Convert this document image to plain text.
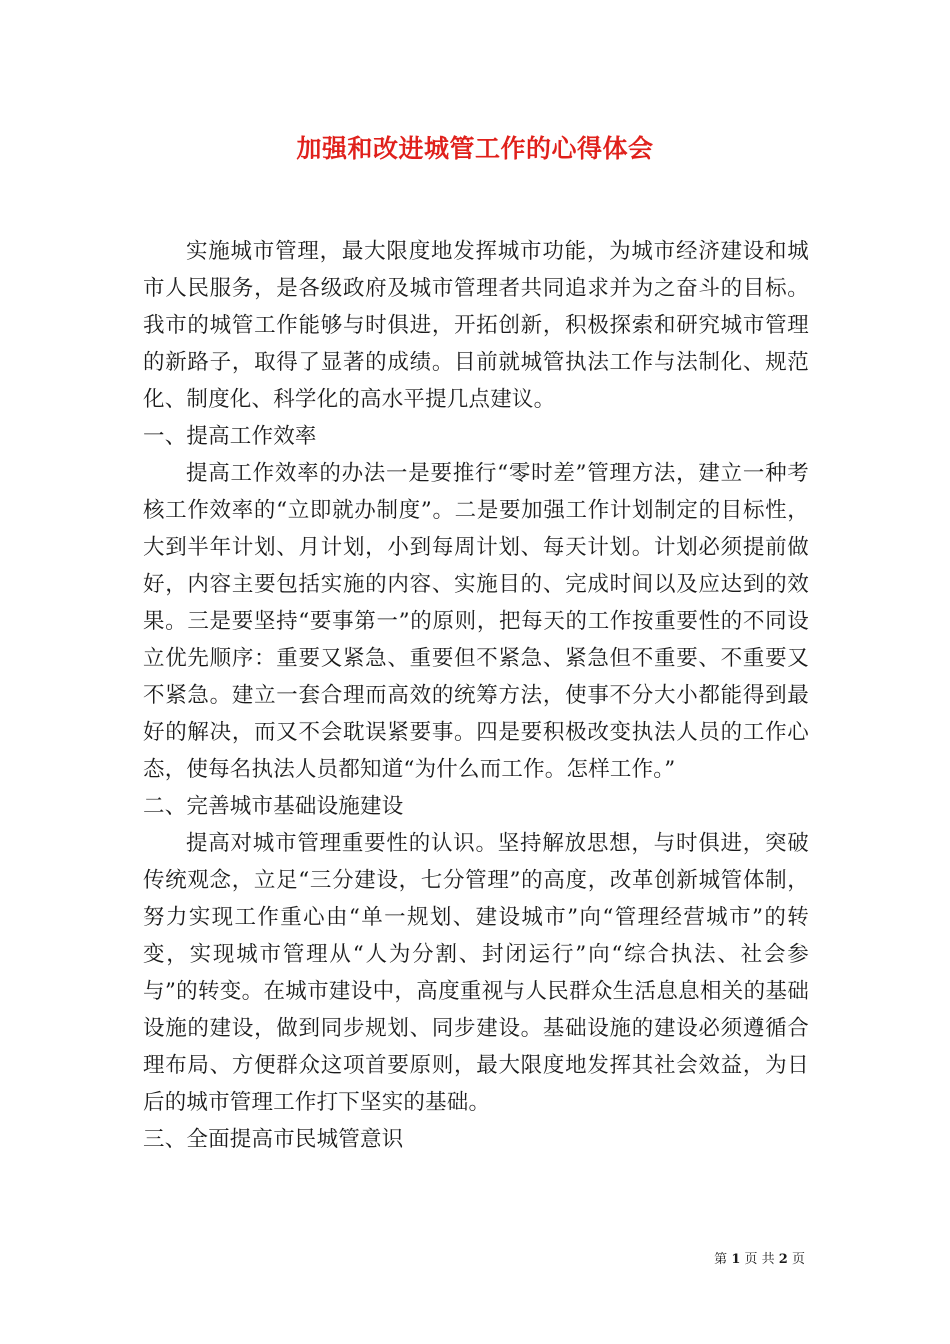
加强和改进城管工作的心得体会

实施城市管理，最大限度地发挥城市功能，为城市经济建设和城市人民服务，是各级政府及城市管理者共同追求并为之奋斗的目标。我市的城管工作能够与时俱进，开拓创新，积极探索和研究城市管理的新路子，取得了显著的成绩。目前就城管执法工作与法制化、规范化、制度化、科学化的高水平提几点建议。

一、提高工作效率

提高工作效率的办法一是要推行“零时差”管理方法，建立一种考核工作效率的“立即就办制度”。二是要加强工作计划制定的目标性，大到半年计划、月计划，小到每周计划、每天计划。计划必须提前做好，内容主要包括实施的内容、实施目的、完成时间以及应达到的效果。三是要坚持“要事第一”的原则，把每天的工作按重要性的不同设立优先顺序：重要又紧急、重要但不紧急、紧急但不重要、不重要又不紧急。建立一套合理而高效的统筹方法，使事不分大小都能得到最好的解决，而又不会耽误紧要事。四是要积极改变执法人员的工作心态，使每名执法人员都知道“为什么而工作。怎样工作。”

二、完善城市基础设施建设

提高对城市管理重要性的认识。坚持解放思想，与时俱进，突破传统观念，立足“三分建设，七分管理”的高度，改革创新城管体制，努力实现工作重心由“单一规划、建设城市”向“管理经营城市”的转变，实现城市管理从“人为分割、封闭运行”向“综合执法、社会参与”的转变。在城市建设中，高度重视与人民群众生活息息相关的基础设施的建设，做到同步规划、同步建设。基础设施的建设必须遵循合理布局、方便群众这项首要原则，最大限度地发挥其社会效益，为日后的城市管理工作打下坚实的基础。

三、全面提高市民城管意识

第 1 页 共 2 页
